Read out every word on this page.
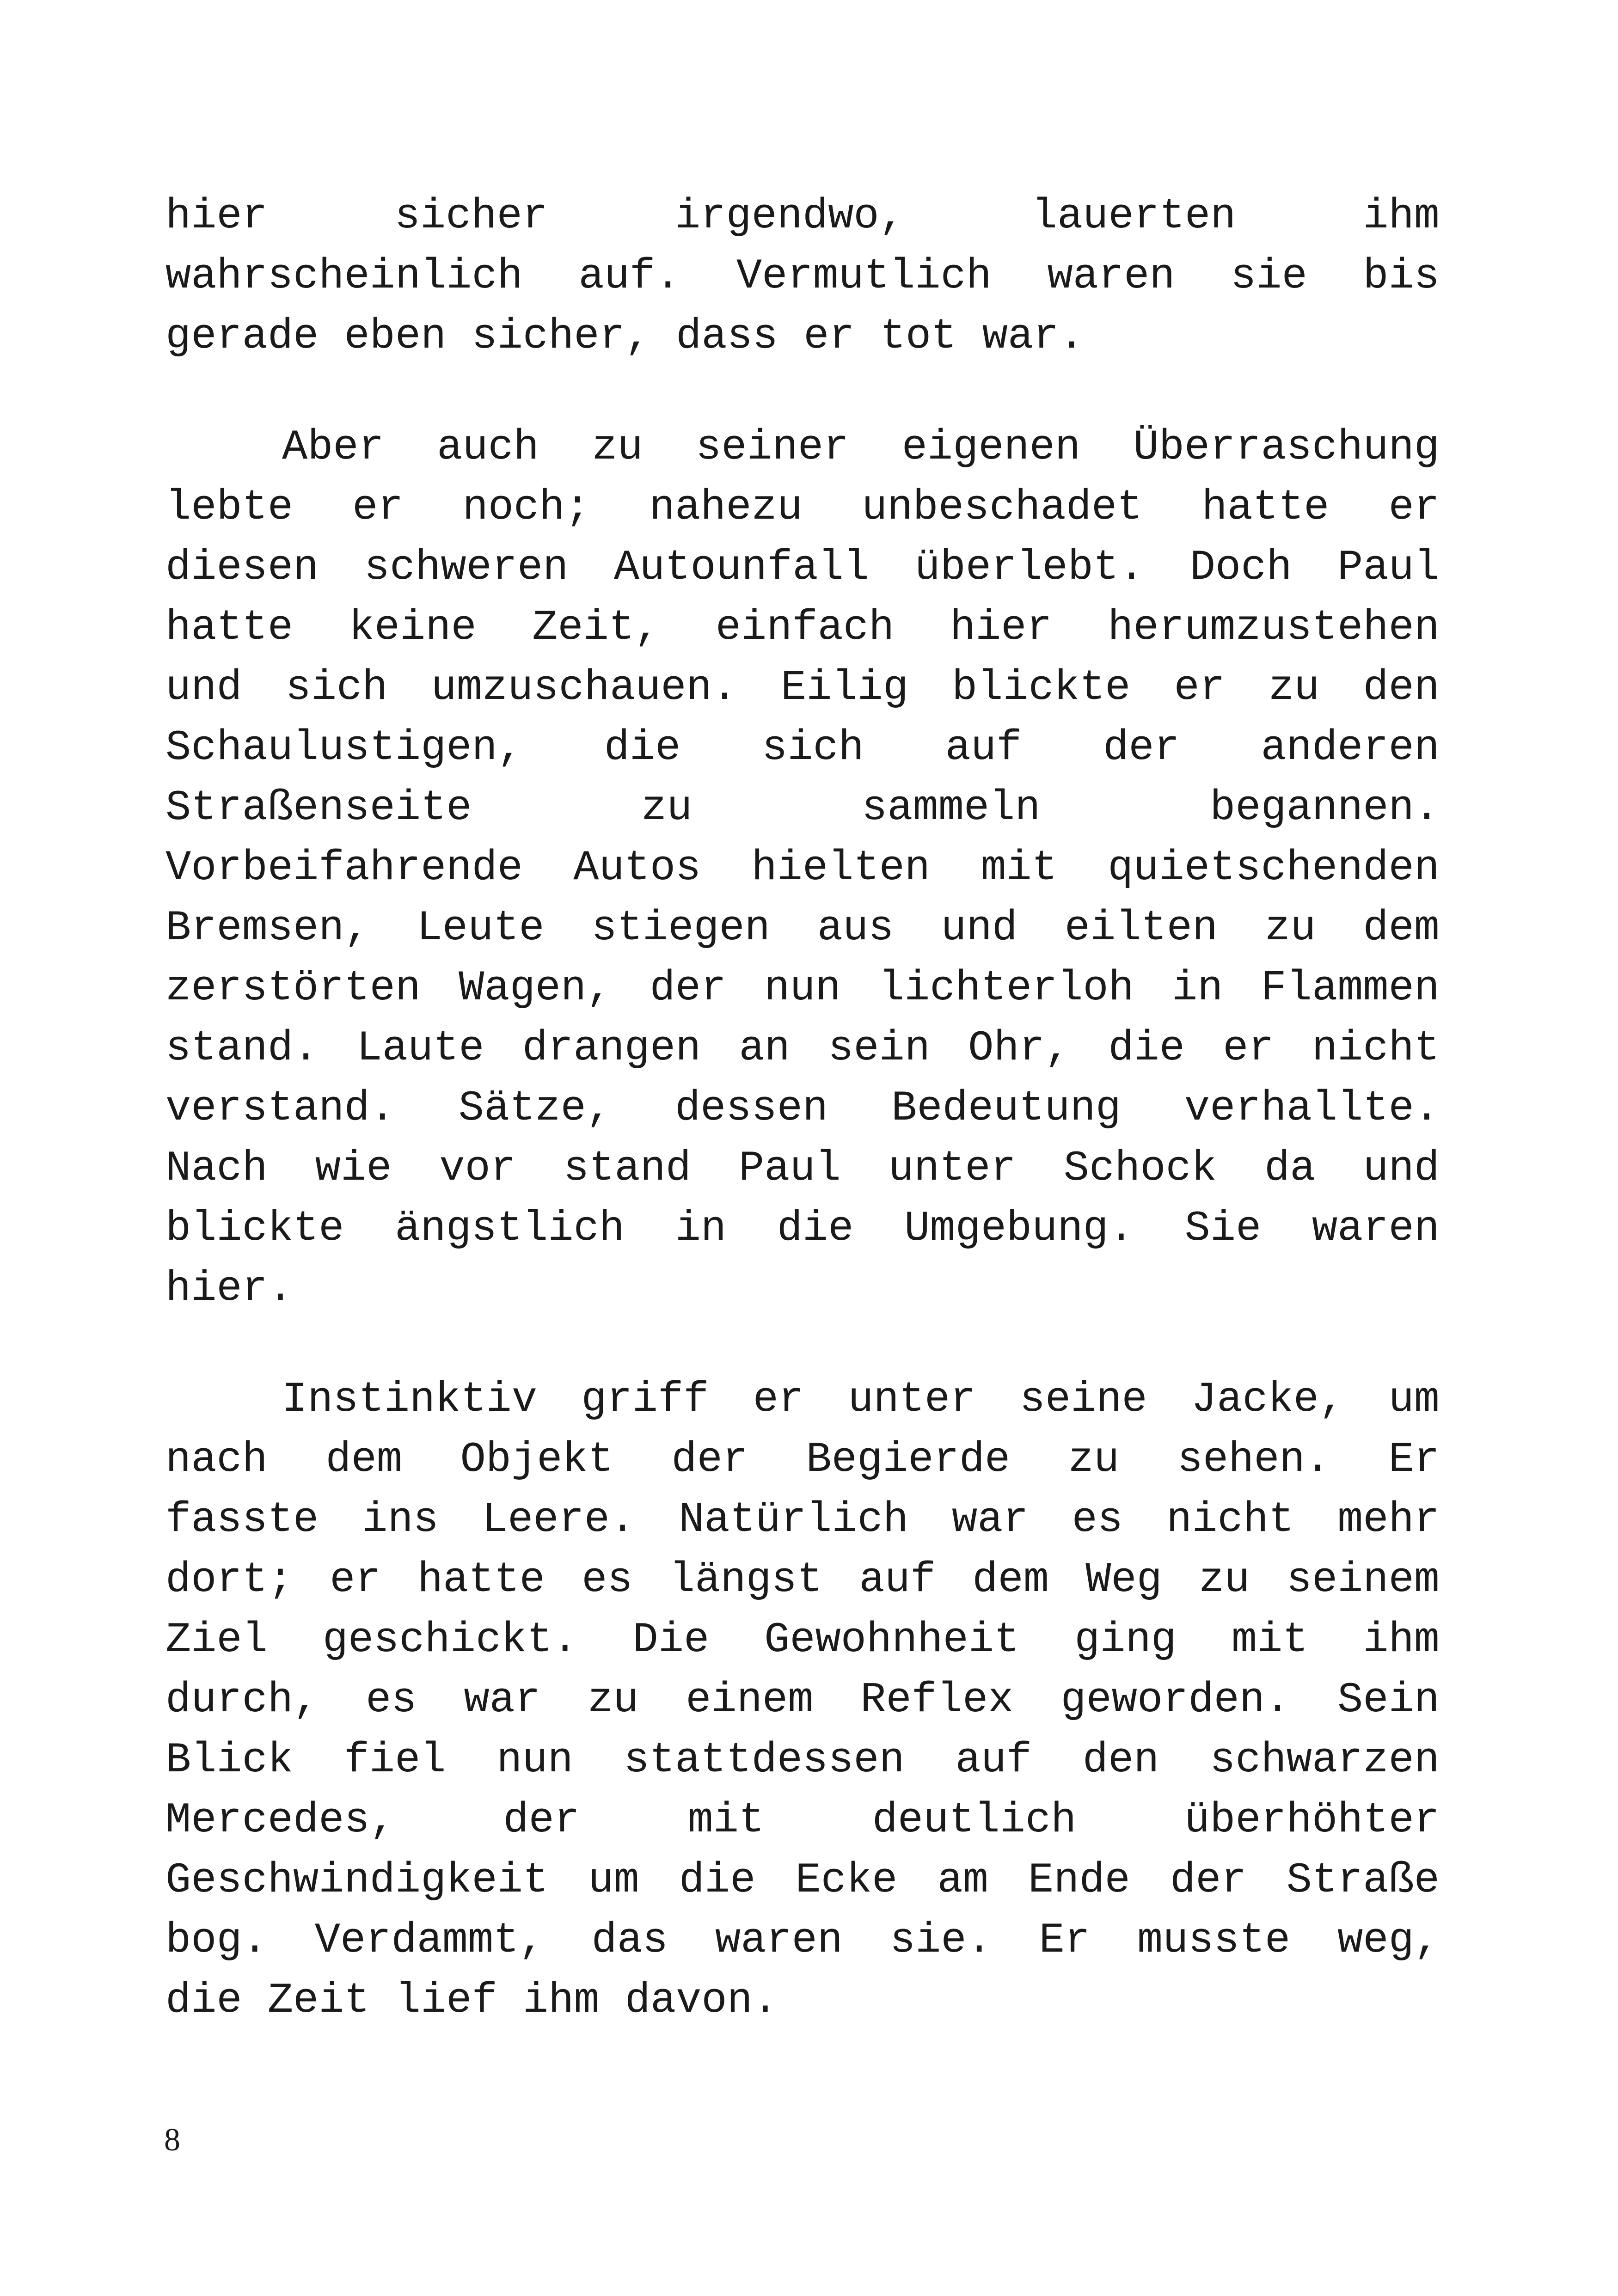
hier sicher irgendwo, lauerten ihm
wahrscheinlich auf. Vermutlich waren sie bis
gerade eben sicher, dass er tot war.
Aber auch zu seiner eigenen Überraschung
lebte er noch; nahezu unbeschadet hatte er
diesen schweren Autounfall überlebt. Doch Paul
hatte keine Zeit, einfach hier herumzustehen
und sich umzuschauen. Eilig blickte er zu den
Schaulustigen, die sich auf der anderen
Straßenseite zu sammeln begannen.
Vorbeifahrende Autos hielten mit quietschenden
Bremsen, Leute stiegen aus und eilten zu dem
zerstörten Wagen, der nun lichterloh in Flammen
stand. Laute drangen an sein Ohr, die er nicht
verstand. Sätze, dessen Bedeutung verhallte.
Nach wie vor stand Paul unter Schock da und
blickte ängstlich in die Umgebung. Sie waren
hier.
Instinktiv griff er unter seine Jacke, um
nach dem Objekt der Begierde zu sehen. Er
fasste ins Leere. Natürlich war es nicht mehr
dort; er hatte es längst auf dem Weg zu seinem
Ziel geschickt. Die Gewohnheit ging mit ihm
durch, es war zu einem Reflex geworden. Sein
Blick fiel nun stattdessen auf den schwarzen
Mercedes, der mit deutlich überhöhter
Geschwindigkeit um die Ecke am Ende der Straße
bog. Verdammt, das waren sie. Er musste weg,
die Zeit lief ihm davon.
8
